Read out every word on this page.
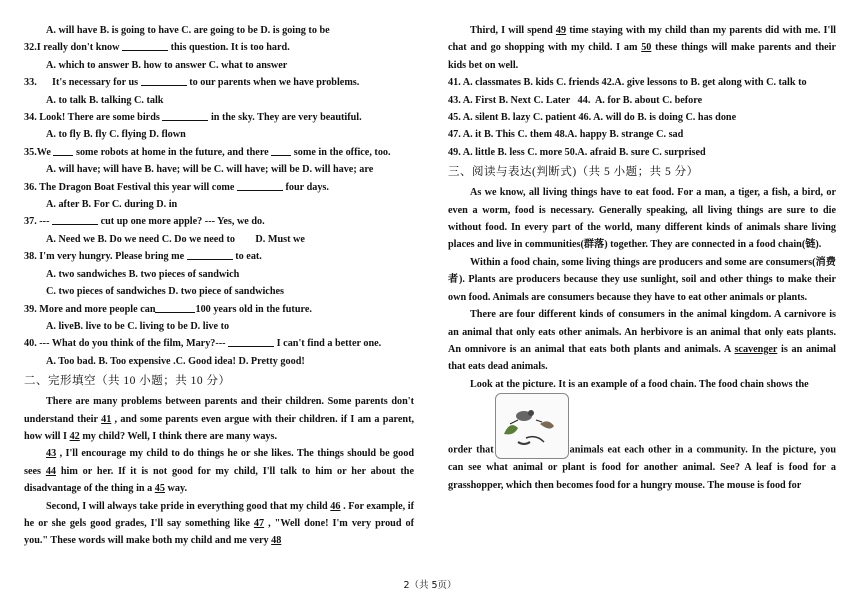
A. will have B. is going to have C. are going to be D. is going to be
32.I really don't know	this question. It is too hard.
A. which to answer B. how to answer C. what to answer
33.      It's necessary for us	to our parents when we have problems.
A. to talk B. talking C. talk
34. Look! There are some birds	in the sky. They are very beautiful.
A. to fly B. fly C. flying D. flown
35.We  some robots at home in the future, and there  some in the office, too.
A. will have; will have B. have; will be C. will have; will be D. will have; are
36. The Dragon Boat Festival this year will come	four days.
A. after B. For C. during D. in
37. ---	cut up one more apple? --- Yes, we do.
A. Need we B. Do we need C. Do we need to        D. Must we
38. I'm very hungry. Please bring me	to eat.
A. two sandwiches B. two pieces of sandwich
C. two pieces of sandwiches D. two piece of sandwiches
39. More and more people can	100 years old in the future.
A. liveB. live to be C. living to be D. live to
40. --- What do you think of the film, Mary?---	I can't find a better one.
A. Too bad. B. Too expensive .C. Good idea! D. Pretty good!
二、完形填空（共 10 小题；共 10 分）
There are many problems between parents and their children. Some parents don't understand their 41 , and some parents even argue with their children. if I am a parent, how will I 42 my child? Well, I think there are many ways.
43 , I'll encourage my child to do things he or she likes. The things should be good sees 44 him or her. If it is not good for my child, I'll talk to him or her about the disadvantage of the thing in a 45 way.
Second, I will always take pride in everything good that my child 46 . For example, if he or she gels good grades, I'll say something like 47 , "Well done! I'm very proud of you." These words will make both my child and me very 48
Third, I will spend 49 time staying with my child than my parents did with me. I'll chat and go shopping with my child. I am 50 these things will make parents and their kids bet on well.
41. A. classmates B. kids C. friends 42.A. give lessons to B. get along with C. talk to
43. A. First B. Next C. Later   44.  A. for B. about C. before
45. A. silent B. lazy C. patient 46. A. will do B. is doing C. has done
47. A. it B. This C. them 48.A. happy B. strange C. sad
49. A. little B. less C. more 50.A. afraid B. sure C. surprised
三、阅读与表达(判断式)（共 5 小题；共 5 分）
As we know, all living things have to eat food. For a man, a tiger, a fish, a bird, or even a worm, food is necessary. Generally speaking, all living things are sure to die without food. In every part of the world, many different kinds of animals share living places and live in communities(群落) together. They are connected in a food chain(链).
Within a food chain, some living things are producers and some are consumers(消费者). Plants are producers because they use sunlight, soil and other things to make their own food. Animals are consumers because they have to eat other animals or plants.
There are four different kinds of consumers in the animal kingdom. A carnivore is an animal that only eats other animals. An herbivore is an animal that only eats plants. An omnivore is an animal that eats both plants and animals. A scavenger is an animal that eats dead animals.
Look at the picture. It is an example of a food chain. The food chain shows the
order that	animals eat each other in a community. In the picture, you can see what animal or plant is food for another animal. See? A leaf is food for a grasshopper, which then becomes food for a hungry mouse. The mouse is food for
2（共 5页）
